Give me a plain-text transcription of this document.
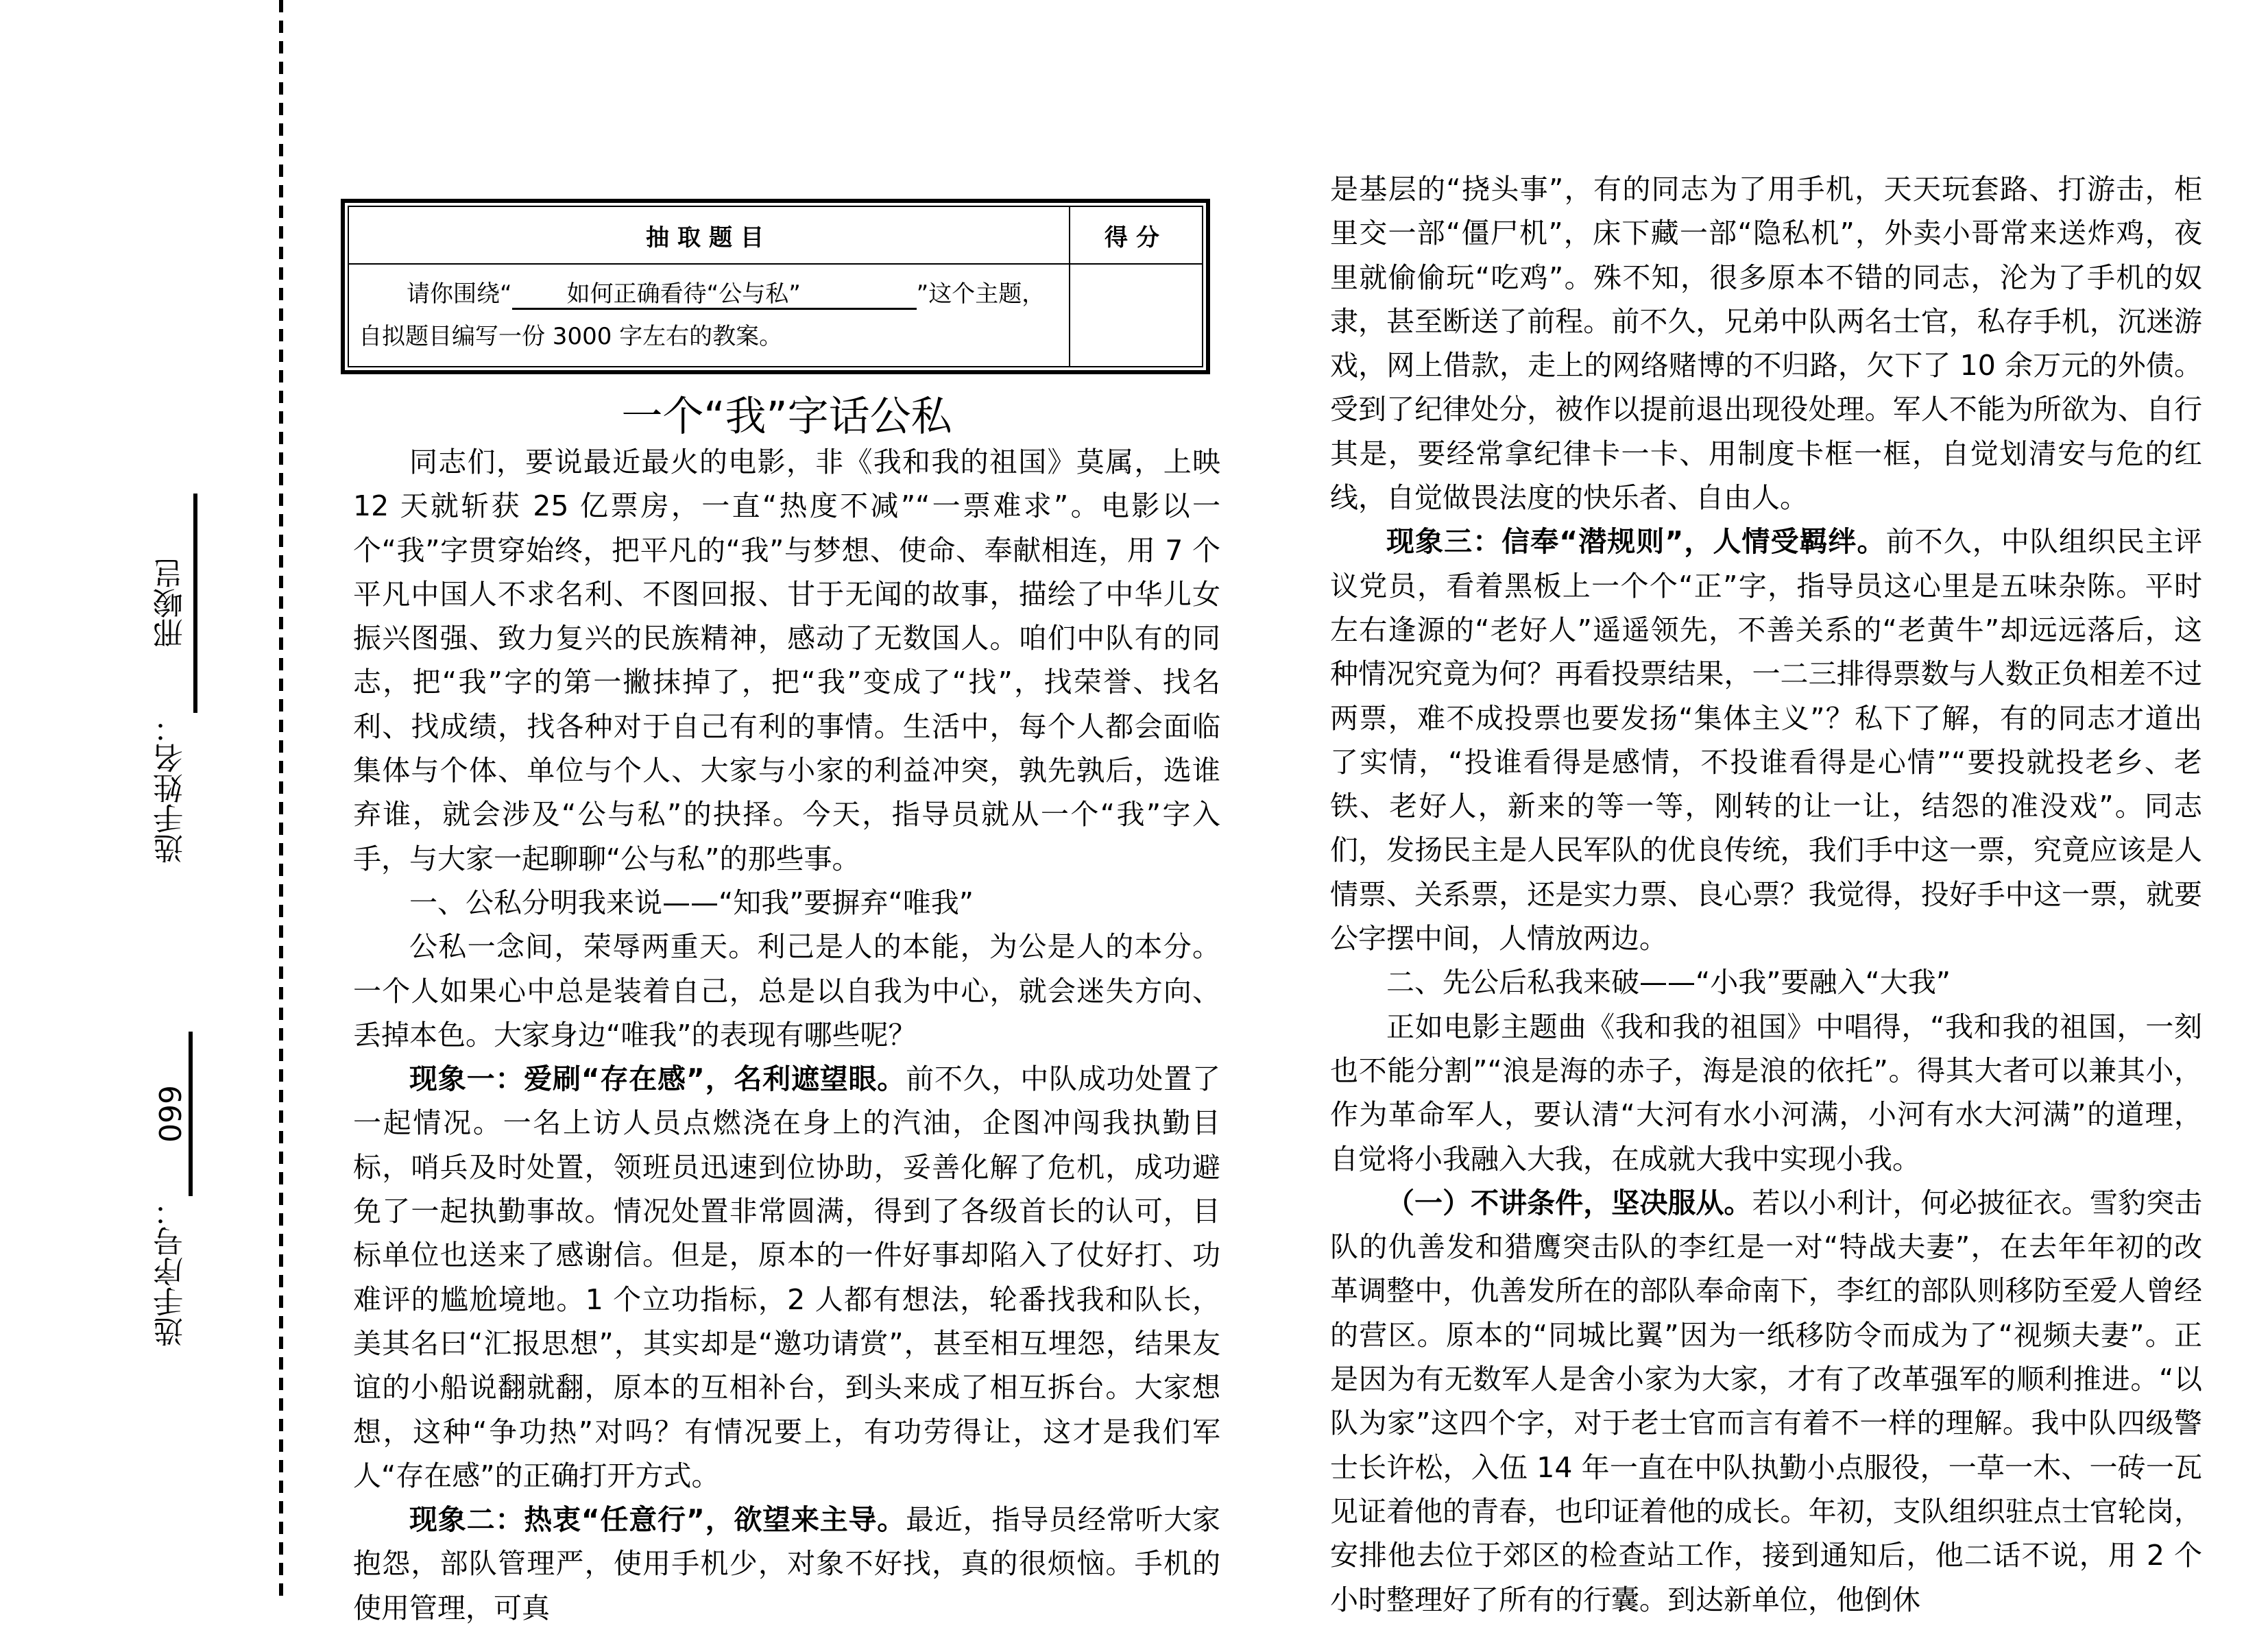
选手姓名：邢峻岂
选手序号：099
抽取题目	得分
请你围绕“ 如何正确看待“公与私” ”这个主题，
自拟题目编写一份 3000 字左右的教案。	
一个“我”字话公私

同志们，要说最近最火的电影，非《我和我的祖国》莫属，上映 12 天就斩获 25 亿票房，一直“热度不减”“一票难求”。电影以一个“我”字贯穿始终，把平凡的“我”与梦想、使命、奉献相连，用 7 个平凡中国人不求名利、不图回报、甘于无闻的故事，描绘了中华儿女振兴图强、致力复兴的民族精神，感动了无数国人。咱们中队有的同志，把“我”字的第一撇抹掉了，把“我”变成了“找”，找荣誉、找名利、找成绩，找各种对于自己有利的事情。生活中，每个人都会面临集体与个体、单位与个人、大家与小家的利益冲突，孰先孰后，选谁弃谁，就会涉及“公与私”的抉择。今天，指导员就从一个“我”字入手，与大家一起聊聊“公与私”的那些事。

一、公私分明我来说——“知我”要摒弃“唯我”

公私一念间，荣辱两重天。利己是人的本能，为公是人的本分。一个人如果心中总是装着自己，总是以自我为中心，就会迷失方向、丢掉本色。大家身边“唯我”的表现有哪些呢？

现象一：爱刷“存在感”，名利遮望眼。前不久，中队成功处置了一起情况。一名上访人员点燃浇在身上的汽油，企图冲闯我执勤目标，哨兵及时处置，领班员迅速到位协助，妥善化解了危机，成功避免了一起执勤事故。情况处置非常圆满，得到了各级首长的认可，目标单位也送来了感谢信。但是，原本的一件好事却陷入了仗好打、功难评的尴尬境地。1 个立功指标，2 人都有想法，轮番找我和队长，美其名曰“汇报思想”，其实却是“邀功请赏”，甚至相互埋怨，结果友谊的小船说翻就翻，原本的互相补台，到头来成了相互拆台。大家想想，这种“争功热”对吗？有情况要上，有功劳得让，这才是我们军人“存在感”的正确打开方式。

现象二：热衷“任意行”，欲望来主导。最近，指导员经常听大家抱怨，部队管理严，使用手机少，对象不好找，真的很烦恼。手机的使用管理，可真

是基层的“挠头事”，有的同志为了用手机，天天玩套路、打游击，柜里交一部“僵尸机”，床下藏一部“隐私机”，外卖小哥常来送炸鸡，夜里就偷偷玩“吃鸡”。殊不知，很多原本不错的同志，沦为了手机的奴隶，甚至断送了前程。前不久，兄弟中队两名士官，私存手机，沉迷游戏，网上借款，走上的网络赌博的不归路，欠下了 10 余万元的外债。受到了纪律处分，被作以提前退出现役处理。军人不能为所欲为、自行其是，要经常拿纪律卡一卡、用制度卡框一框，自觉划清安与危的红线，自觉做畏法度的快乐者、自由人。

现象三：信奉“潜规则”，人情受羁绊。前不久，中队组织民主评议党员，看着黑板上一个个“正”字，指导员这心里是五味杂陈。平时左右逢源的“老好人”遥遥领先，不善关系的“老黄牛”却远远落后，这种情况究竟为何？再看投票结果，一二三排得票数与人数正负相差不过两票，难不成投票也要发扬“集体主义”？私下了解，有的同志才道出了实情，“投谁看得是感情，不投谁看得是心情”“要投就投老乡、老铁、老好人，新来的等一等，刚转的让一让，结怨的准没戏”。同志们，发扬民主是人民军队的优良传统，我们手中这一票，究竟应该是人情票、关系票，还是实力票、良心票？我觉得，投好手中这一票，就要公字摆中间，人情放两边。

二、先公后私我来破——“小我”要融入“大我”

正如电影主题曲《我和我的祖国》中唱得，“我和我的祖国，一刻也不能分割”“浪是海的赤子，海是浪的依托”。得其大者可以兼其小，作为革命军人，要认清“大河有水小河满，小河有水大河满”的道理，自觉将小我融入大我，在成就大我中实现小我。

（一）不讲条件，坚决服从。若以小利计，何必披征衣。雪豹突击队的仇善发和猎鹰突击队的李红是一对“特战夫妻”，在去年年初的改革调整中，仇善发所在的部队奉命南下，李红的部队则移防至爱人曾经的营区。原本的“同城比翼”因为一纸移防令而成为了“视频夫妻”。正是因为有无数军人是舍小家为大家，才有了改革强军的顺利推进。“以队为家”这四个字，对于老士官而言有着不一样的理解。我中队四级警士长许松，入伍 14 年一直在中队执勤小点服役，一草一木、一砖一瓦见证着他的青春，也印证着他的成长。年初，支队组织驻点士官轮岗，安排他去位于郊区的检查站工作，接到通知后，他二话不说，用 2 个小时整理好了所有的行囊。到达新单位，他倒休
